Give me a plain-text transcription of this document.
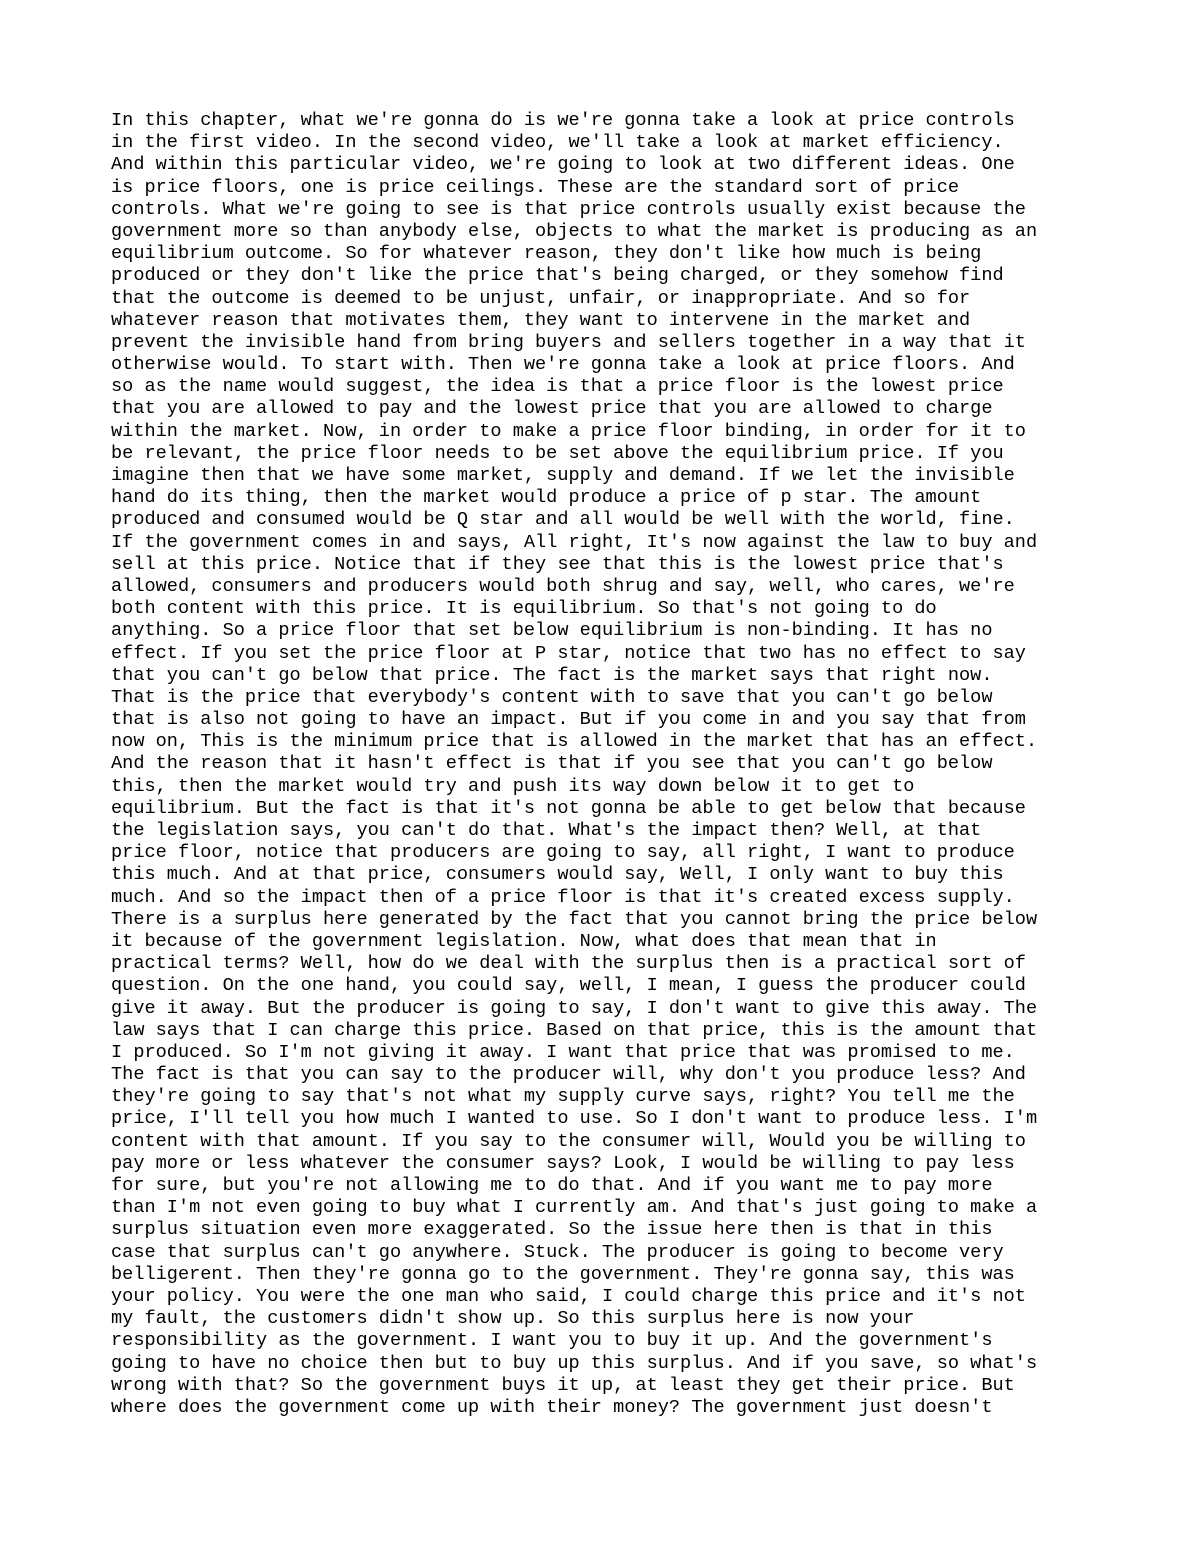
In this chapter, what we're gonna do is we're gonna take a look at price controls
in the first video. In the second video, we'll take a look at market efficiency.
And within this particular video, we're going to look at two different ideas. One
is price floors, one is price ceilings. These are the standard sort of price
controls. What we're going to see is that price controls usually exist because the
government more so than anybody else, objects to what the market is producing as an
equilibrium outcome. So for whatever reason, they don't like how much is being
produced or they don't like the price that's being charged, or they somehow find
that the outcome is deemed to be unjust, unfair, or inappropriate. And so for
whatever reason that motivates them, they want to intervene in the market and
prevent the invisible hand from bring buyers and sellers together in a way that it
otherwise would. To start with. Then we're gonna take a look at price floors. And
so as the name would suggest, the idea is that a price floor is the lowest price
that you are allowed to pay and the lowest price that you are allowed to charge
within the market. Now, in order to make a price floor binding, in order for it to
be relevant, the price floor needs to be set above the equilibrium price. If you
imagine then that we have some market, supply and demand. If we let the invisible
hand do its thing, then the market would produce a price of p star. The amount
produced and consumed would be Q star and all would be well with the world, fine.
If the government comes in and says, All right, It's now against the law to buy and
sell at this price. Notice that if they see that this is the lowest price that's
allowed, consumers and producers would both shrug and say, well, who cares, we're
both content with this price. It is equilibrium. So that's not going to do
anything. So a price floor that set below equilibrium is non-binding. It has no
effect. If you set the price floor at P star, notice that two has no effect to say
that you can't go below that price. The fact is the market says that right now.
That is the price that everybody's content with to save that you can't go below
that is also not going to have an impact. But if you come in and you say that from
now on, This is the minimum price that is allowed in the market that has an effect.
And the reason that it hasn't effect is that if you see that you can't go below
this, then the market would try and push its way down below it to get to
equilibrium. But the fact is that it's not gonna be able to get below that because
the legislation says, you can't do that. What's the impact then? Well, at that
price floor, notice that producers are going to say, all right, I want to produce
this much. And at that price, consumers would say, Well, I only want to buy this
much. And so the impact then of a price floor is that it's created excess supply.
There is a surplus here generated by the fact that you cannot bring the price below
it because of the government legislation. Now, what does that mean that in
practical terms? Well, how do we deal with the surplus then is a practical sort of
question. On the one hand, you could say, well, I mean, I guess the producer could
give it away. But the producer is going to say, I don't want to give this away. The
law says that I can charge this price. Based on that price, this is the amount that
I produced. So I'm not giving it away. I want that price that was promised to me.
The fact is that you can say to the producer will, why don't you produce less? And
they're going to say that's not what my supply curve says, right? You tell me the
price, I'll tell you how much I wanted to use. So I don't want to produce less. I'm
content with that amount. If you say to the consumer will, Would you be willing to
pay more or less whatever the consumer says? Look, I would be willing to pay less
for sure, but you're not allowing me to do that. And if you want me to pay more
than I'm not even going to buy what I currently am. And that's just going to make a
surplus situation even more exaggerated. So the issue here then is that in this
case that surplus can't go anywhere. Stuck. The producer is going to become very
belligerent. Then they're gonna go to the government. They're gonna say, this was
your policy. You were the one man who said, I could charge this price and it's not
my fault, the customers didn't show up. So this surplus here is now your
responsibility as the government. I want you to buy it up. And the government's
going to have no choice then but to buy up this surplus. And if you save, so what's
wrong with that? So the government buys it up, at least they get their price. But
where does the government come up with their money? The government just doesn't
